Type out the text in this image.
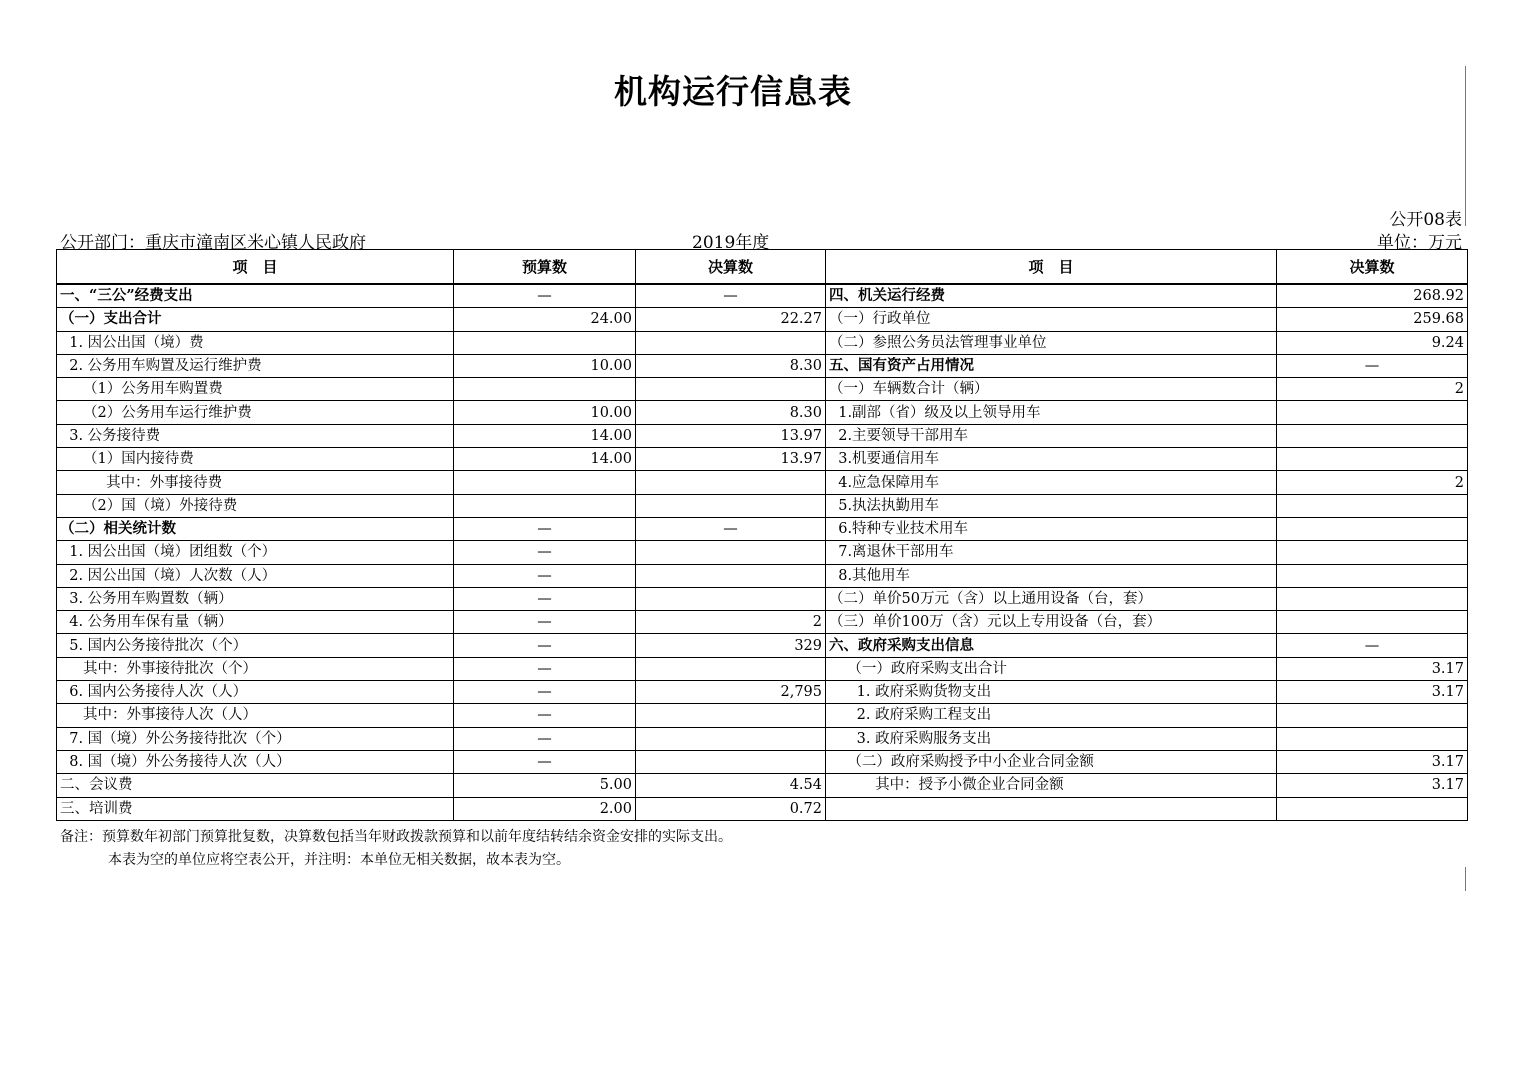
机构运行信息表
公开08表
公开部门：重庆市潼南区米心镇人民政府	2019年度	单位：万元
项　目	预算数	决算数	项　目	决算数
一、“三公”经费支出	—	—	四、机关运行经费	268.92
（一）支出合计	24.00	22.27	（一）行政单位	259.68
1. 因公出国（境）费			（二）参照公务员法管理事业单位	9.24
2. 公务用车购置及运行维护费	10.00	8.30	五、国有资产占用情况	—
（1）公务用车购置费			（一）车辆数合计（辆）	2
（2）公务用车运行维护费	10.00	8.30	1.副部（省）级及以上领导用车	
3. 公务接待费	14.00	13.97	2.主要领导干部用车	
（1）国内接待费	14.00	13.97	3.机要通信用车	
其中：外事接待费			4.应急保障用车	2
（2）国（境）外接待费			5.执法执勤用车	
（二）相关统计数	—	—	6.特种专业技术用车	
1. 因公出国（境）团组数（个）	—		7.离退休干部用车	
2. 因公出国（境）人次数（人）	—		8.其他用车	
3. 公务用车购置数（辆）	—		（二）单价50万元（含）以上通用设备（台，套）	
4. 公务用车保有量（辆）	—	2	（三）单价100万（含）元以上专用设备（台，套）	
5. 国内公务接待批次（个）	—	329	六、政府采购支出信息	—
其中：外事接待批次（个）	—		（一）政府采购支出合计	3.17
6. 国内公务接待人次（人）	—	2,795	1. 政府采购货物支出	3.17
其中：外事接待人次（人）	—		2. 政府采购工程支出	
7. 国（境）外公务接待批次（个）	—		3. 政府采购服务支出	
8. 国（境）外公务接待人次（人）	—		（二）政府采购授予中小企业合同金额	3.17
二、会议费	5.00	4.54	其中：授予小微企业合同金额	3.17
三、培训费	2.00	0.72		
备注：预算数年初部门预算批复数，决算数包括当年财政拨款预算和以前年度结转结余资金安排的实际支出。
本表为空的单位应将空表公开，并注明：本单位无相关数据，故本表为空。
